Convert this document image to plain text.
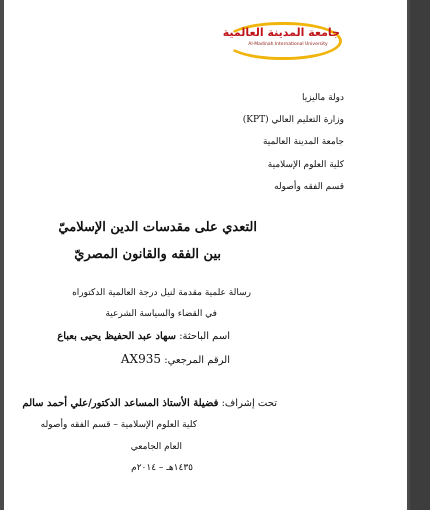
جامعة المدينة العالمية
Al-Madinah International University

دولة ماليزيا

وزارة التعليم العالي (KPT)

جامعة المدينة العالمية

كلية العلوم الإسلامية

قسم الفقه وأصوله

التعدي على مقدسات الدين الإسلاميّ

بين الفقه والقانون المصريّ

رسالة علمية مقدمة لنيل درجة العالمية الدكتوراه

في القضاء والسياسة الشرعية

اسم الباحثة: سهاد عبد الحفيظ يحيى بعباع

الرقم المرجعي: AX935

تحت إشراف: فضيلة الأستاذ المساعد الدكتور/علي أحمد سالم

كلية العلوم الإسلامية – قسم الفقه وأصوله

العام الجامعي

١٤٣٥هـ – ٢٠١٤م
